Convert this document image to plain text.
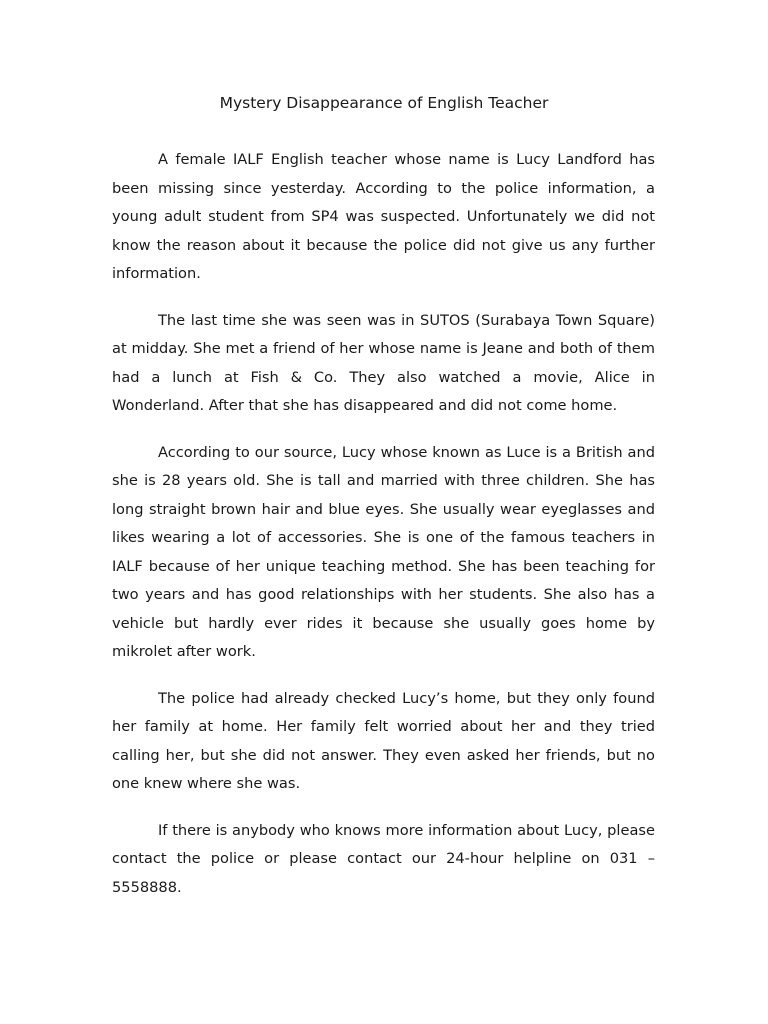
Mystery Disappearance of English Teacher

A female IALF English teacher whose name is Lucy Landford has been missing since yesterday. According to the police information, a young adult student from SP4 was suspected. Unfortunately we did not know the reason about it because the police did not give us any further information.

The last time she was seen was in SUTOS (Surabaya Town Square) at midday. She met a friend of her whose name is Jeane and both of them had a lunch at Fish & Co. They also watched a movie, Alice in Wonderland. After that she has disappeared and did not come home.

According to our source, Lucy whose known as Luce is a British and she is 28 years old. She is tall and married with three children. She has long straight brown hair and blue eyes. She usually wear eyeglasses and likes wearing a lot of accessories. She is one of the famous teachers in IALF because of her unique teaching method. She has been teaching for two years and has good relationships with her students. She also has a vehicle but hardly ever rides it because she usually goes home by mikrolet after work.

The police had already checked Lucy’s home, but they only found her family at home. Her family felt worried about her and they tried calling her, but she did not answer. They even asked her friends, but no one knew where she was.

If there is anybody who knows more information about Lucy, please contact the police or please contact our 24-hour helpline on 031 – 5558888.
